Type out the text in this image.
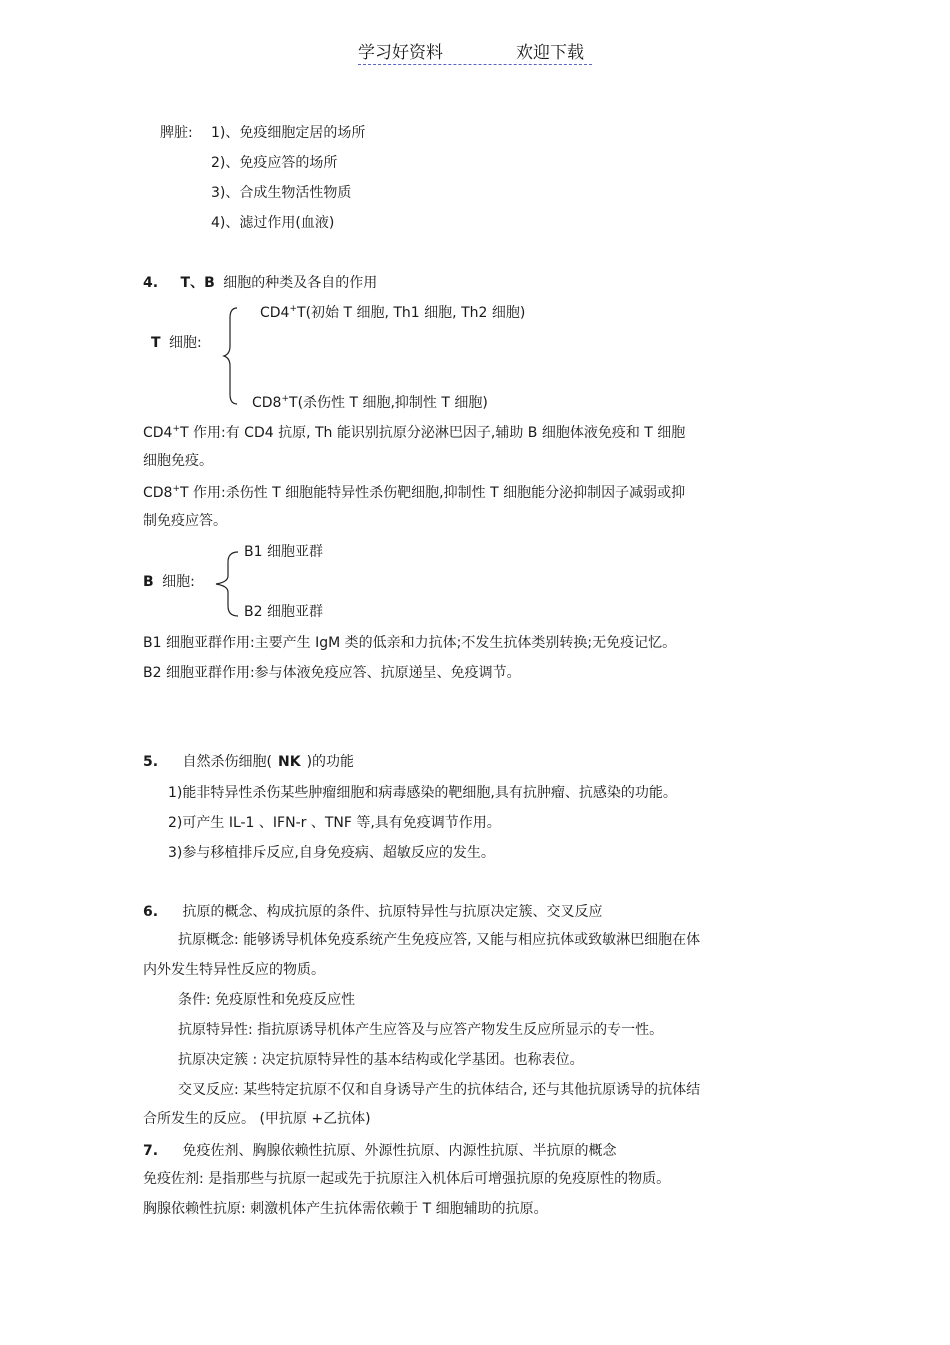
学习好资料	欢迎下载
脾脏: 1)、免疫细胞定居的场所
2)、免疫应答的场所
3)、合成生物活性物质
4)、滤过作用(血液)
4. T、B 细胞的种类及各自的作用
T 细胞:
CD4+T(初始 T 细胞, Th1 细胞, Th2 细胞)
CD8+T(杀伤性 T 细胞,抑制性 T 细胞)
CD4+T 作用:有 CD4 抗原, Th 能识别抗原分泌淋巴因子,辅助 B 细胞体液免疫和 T 细胞
细胞免疫。
CD8+T 作用:杀伤性 T 细胞能特异性杀伤靶细胞,抑制性 T 细胞能分泌抑制因子减弱或抑
制免疫应答。
B 细胞:
B1 细胞亚群
B2 细胞亚群
B1 细胞亚群作用:主要产生 IgM 类的低亲和力抗体;不发生抗体类别转换;无免疫记忆。
B2 细胞亚群作用:参与体液免疫应答、抗原递呈、免疫调节。
5. 自然杀伤细胞( NK )的功能
1)能非特异性杀伤某些肿瘤细胞和病毒感染的靶细胞,具有抗肿瘤、抗感染的功能。
2)可产生 IL-1 、IFN-r 、TNF 等,具有免疫调节作用。
3)参与移植排斥反应,自身免疫病、超敏反应的发生。
6. 抗原的概念、构成抗原的条件、抗原特异性与抗原决定簇、交叉反应
抗原概念: 能够诱导机体免疫系统产生免疫应答, 又能与相应抗体或致敏淋巴细胞在体
内外发生特异性反应的物质。
条件: 免疫原性和免疫反应性
抗原特异性: 指抗原诱导机体产生应答及与应答产物发生反应所显示的专一性。
抗原决定簇 : 决定抗原特异性的基本结构或化学基团。也称表位。
交叉反应: 某些特定抗原不仅和自身诱导产生的抗体结合, 还与其他抗原诱导的抗体结
合所发生的反应。 (甲抗原 +乙抗体)
7. 免疫佐剂、胸腺依赖性抗原、外源性抗原、内源性抗原、半抗原的概念
免疫佐剂: 是指那些与抗原一起或先于抗原注入机体后可增强抗原的免疫原性的物质。
胸腺依赖性抗原: 刺激机体产生抗体需依赖于 T 细胞辅助的抗原。
